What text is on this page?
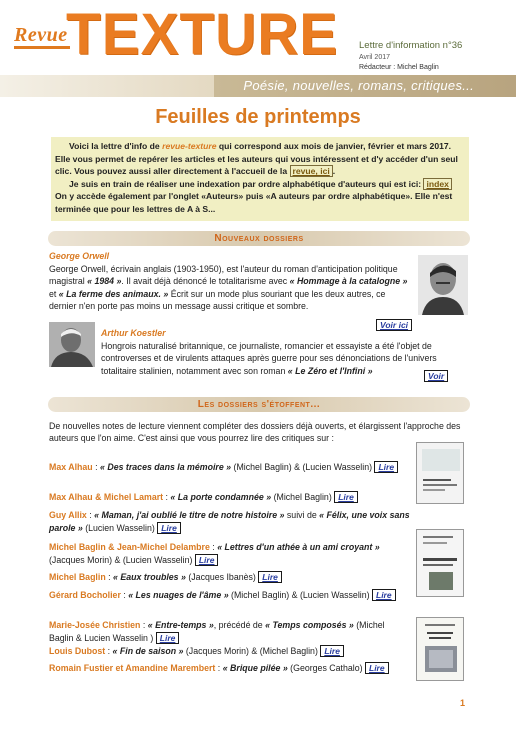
Revue
TEXTURE Lettre d'information n°36
Avril 2017
Rédacteur : Michel Baglin
Poésie, nouvelles, romans, critiques...
Feuilles de printemps

Voici la lettre d'info de revue-texture qui correspond aux mois de janvier, février et mars 2017. Elle vous permet de repérer les articles et les auteurs qui vous intéressent et d'y accéder d'un seul clic. Vous pouvez aussi aller directement à l'accueil de la revue, ici .

Je suis en train de réaliser une indexation par ordre alphabétique d'auteurs qui est ici: index On y accède également par l'onglet «Auteurs» puis «A auteurs par ordre alphabétique». Elle n'est terminée que pour les lettres de A à S...

Nouveaux dossiers
George Orwell
George Orwell, écrivain anglais (1903-1950), est l'auteur du roman d'anticipation politique magistral « 1984 ». Il avait déjà dénoncé le totalitarisme avec « Hommage à la catalogne » et « La ferme des animaux. » Écrit sur un mode plus souriant que les deux autres, ce dernier n'en porte pas moins un message aussi critique et sombre.
Voir ici
Arthur Koestler
Hongrois naturalisé britannique, ce journaliste, romancier et essayiste a été l'objet de controverses et de virulents attaques après guerre pour ses dénonciations de l'univers totalitaire stalinien, notamment avec son roman « Le Zéro et l'Infini »
Voir
Les dossiers s'étoffent...
De nouvelles notes de lecture viennent compléter des dossiers déjà ouverts, et élargissent l'approche des auteurs que l'on aime. C'est ainsi que vous pourrez lire des critiques sur :
Max Alhau : « Des traces dans la mémoire » (Michel Baglin) & (Lucien Wasselin) Lire
Max Alhau & Michel Lamart : « La porte condamnée » (Michel Baglin) Lire
Guy Allix : « Maman, j'ai oublié le titre de notre histoire » suivi de « Félix, une voix sans parole » (Lucien Wasselin) Lire
Michel Baglin & Jean-Michel Delambre : « Lettres d'un athée à un ami croyant » (Jacques Morin) & (Lucien Wasselin) Lire
Michel Baglin : « Eaux troubles » (Jacques Ibanès) Lire
Gérard Bocholier : « Les nuages de l'âme » (Michel Baglin) & (Lucien Wasselin) Lire
Marie-Josée Christien : « Entre-temps », précédé de « Temps composés » (Michel Baglin & Lucien Wasselin ) Lire
Louis Dubost : « Fin de saison » (Jacques Morin) & (Michel Baglin) Lire
Romain Fustier et Amandine Marembert : « Brique pilée » (Georges Cathalo) Lire
1
